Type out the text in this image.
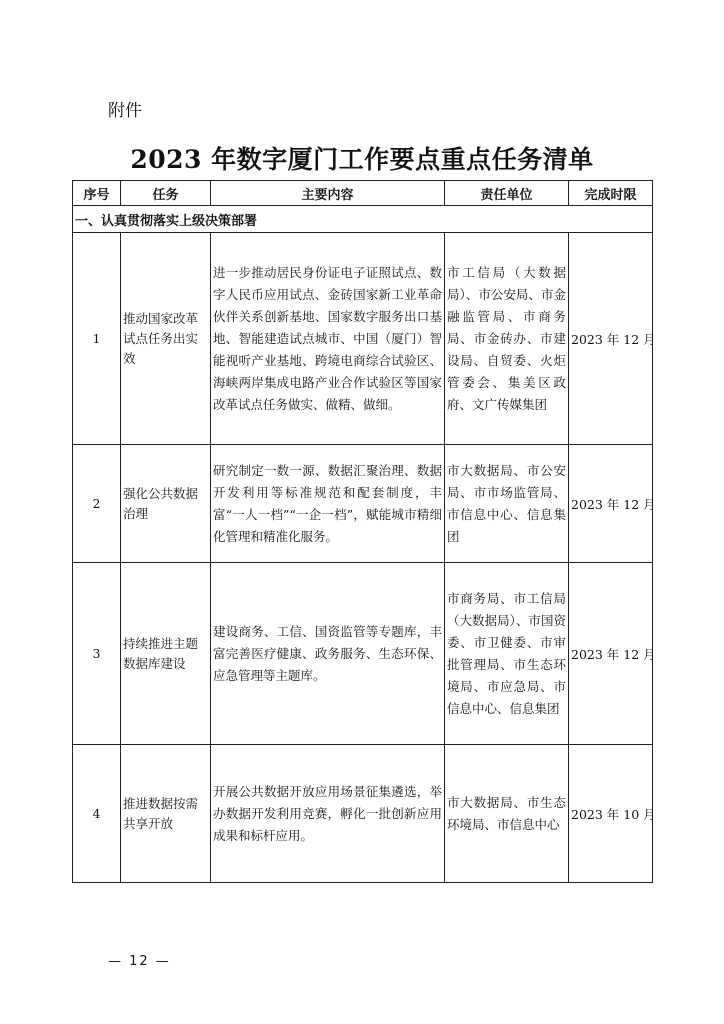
附件
2023 年数字厦门工作要点重点任务清单
序号	任务	主要内容	责任单位	完成时限
一、认真贯彻落实上级决策部署				
1	推动国家改革试点任务出实效	进一步推动居民身份证电子证照试点、数字人民币应用试点、金砖国家新工业革命伙伴关系创新基地、国家数字服务出口基地、智能建造试点城市、中国（厦门）智能视听产业基地、跨境电商综合试验区、海峡两岸集成电路产业合作试验区等国家改革试点任务做实、做精、做细。	市工信局（大数据局）、市公安局、市金融监管局、市商务局、市金砖办、市建设局、自贸委、火炬管委会、集美区政府、文广传媒集团	2023 年 12 月
2	强化公共数据治理	研究制定一数一源、数据汇聚治理、数据开发利用等标准规范和配套制度，丰富“一人一档”“一企一档”，赋能城市精细化管理和精准化服务。	市大数据局、市公安局、市市场监管局、市信息中心、信息集团	2023 年 12 月
3	持续推进主题数据库建设	建设商务、工信、国资监管等专题库，丰富完善医疗健康、政务服务、生态环保、应急管理等主题库。	市商务局、市工信局（大数据局）、市国资委、市卫健委、市审批管理局、市生态环境局、市应急局、市信息中心、信息集团	2023 年 12 月
4	推进数据按需共享开放	开展公共数据开放应用场景征集遴选，举办数据开发利用竞赛，孵化一批创新应用成果和标杆应用。	市大数据局、市生态环境局、市信息中心	2023 年 10 月
— 12 —
